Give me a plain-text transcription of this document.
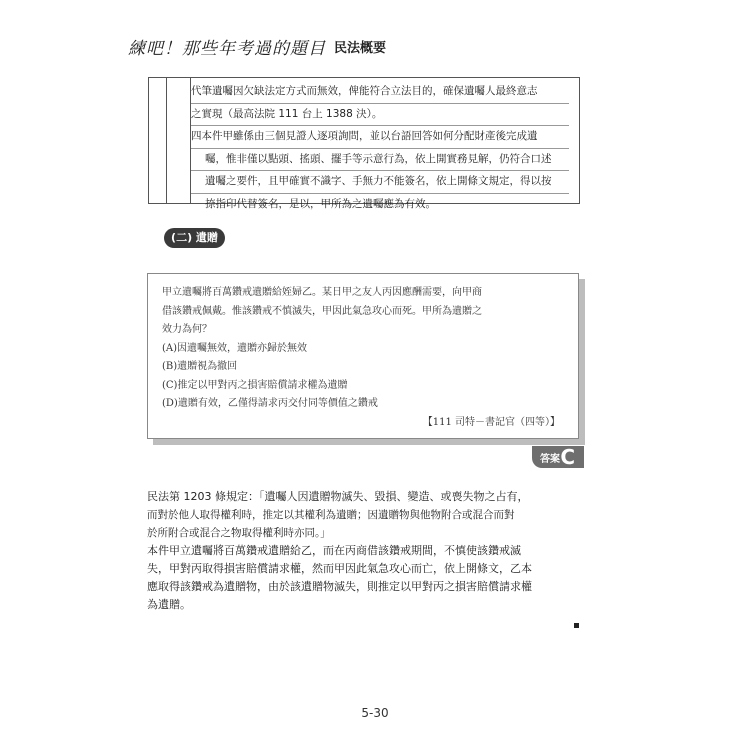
練吧！那些年考過的題目 民法概要
代筆遺囑因欠缺法定方式而無效，俾能符合立法目的，確保遺囑人最終意志
之實現（最高法院 111 台上 1388 決）。
四本件甲雖係由三個見證人逐項詢問，並以台語回答如何分配財產後完成遺
囑，惟非僅以點頭、搖頭、擺手等示意行為，依上開實務見解，仍符合口述
遺囑之要件，且甲確實不識字、手無力不能簽名，依上開條文規定，得以按
捺指印代替簽名，是以，甲所為之遺囑應為有效。
(二) 遺贈
甲立遺囑將百萬鑽戒遺贈給姪婦乙。某日甲之友人丙因應酬需要，向甲商
借該鑽戒佩戴。惟該鑽戒不慎滅失，甲因此氣急攻心而死。甲所為遺贈之
效力為何？
(A)因遺囑無效，遺贈亦歸於無效
(B)遺贈視為撤回
(C)推定以甲對丙之損害賠償請求權為遺贈
(D)遺贈有效，乙僅得請求丙交付同等價值之鑽戒
【111 司特－書記官（四等）】
答案 C
民法第 1203 條規定：「遺囑人因遺贈物滅失、毀損、變造、或喪失物之占有，
而對於他人取得權利時，推定以其權利為遺贈；因遺贈物與他物附合或混合而對
於所附合或混合之物取得權利時亦同。」
本件甲立遺囑將百萬鑽戒遺贈給乙，而在丙商借該鑽戒期間，不慎使該鑽戒滅
失，甲對丙取得損害賠償請求權，然而甲因此氣急攻心而亡，依上開條文，乙本
應取得該鑽戒為遺贈物，由於該遺贈物滅失，則推定以甲對丙之損害賠償請求權
為遺贈。
5-30
